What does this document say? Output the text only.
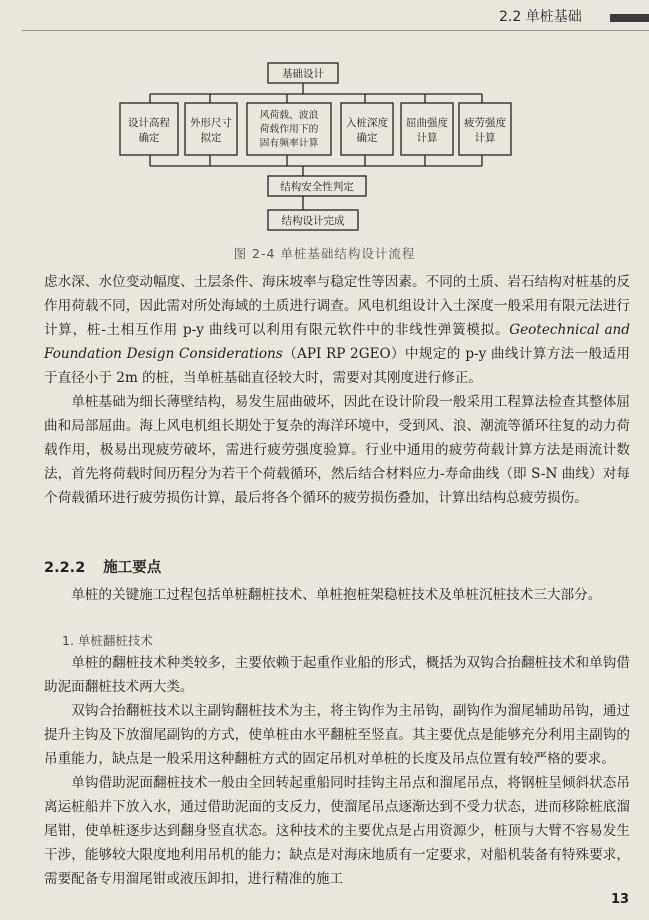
2.2 单桩基础
基础设计
设计高程
确定
外形尺寸
拟定
风荷载、波浪
荷载作用下的
固有频率计算
入桩深度
确定
屈曲强度
计算
疲劳强度
计算
结构安全性判定
结构设计完成
图 2-4 单桩基础结构设计流程

虑水深、水位变动幅度、土层条件、海床坡率与稳定性等因素。不同的土质、岩石结构对桩基的反作用荷载不同，因此需对所处海域的土质进行调查。风电机组设计入土深度一般采用有限元法进行计算，桩-土相互作用 p-y 曲线可以利用有限元软件中的非线性弹簧模拟。Geotechnical and Foundation Design Considerations（API RP 2GEO）中规定的 p-y 曲线计算方法一般适用于直径小于 2m 的桩，当单桩基础直径较大时，需要对其刚度进行修正。

单桩基础为细长薄壁结构，易发生屈曲破坏，因此在设计阶段一般采用工程算法检查其整体屈曲和局部屈曲。海上风电机组长期处于复杂的海洋环境中，受到风、浪、潮流等循环往复的动力荷载作用，极易出现疲劳破坏，需进行疲劳强度验算。行业中通用的疲劳荷载计算方法是雨流计数法，首先将荷载时间历程分为若干个荷载循环，然后结合材料应力-寿命曲线（即 S-N 曲线）对每个荷载循环进行疲劳损伤计算，最后将各个循环的疲劳损伤叠加，计算出结构总疲劳损伤。

2.2.2 施工要点

单桩的关键施工过程包括单桩翻桩技术、单桩抱桩架稳桩技术及单桩沉桩技术三大部分。

1. 单桩翻桩技术

单桩的翻桩技术种类较多，主要依赖于起重作业船的形式，概括为双钩合抬翻桩技术和单钩借助泥面翻桩技术两大类。

双钩合抬翻桩技术以主副钩翻桩技术为主，将主钩作为主吊钩，副钩作为溜尾辅助吊钩，通过提升主钩及下放溜尾副钩的方式，使单桩由水平翻桩至竖直。其主要优点是能够充分利用主副钩的吊重能力，缺点是一般采用这种翻桩方式的固定吊机对单桩的长度及吊点位置有较严格的要求。

单钩借助泥面翻桩技术一般由全回转起重船同时挂钩主吊点和溜尾吊点，将钢桩呈倾斜状态吊离运桩船并下放入水，通过借助泥面的支反力，使溜尾吊点逐渐达到不受力状态，进而移除桩底溜尾钳，使单桩逐步达到翻身竖直状态。这种技术的主要优点是占用资源少，桩顶与大臂不容易发生干涉，能够较大限度地利用吊机的能力；缺点是对海床地质有一定要求，对船机装备有特殊要求，需要配备专用溜尾钳或液压卸扣，进行精准的施工

13
